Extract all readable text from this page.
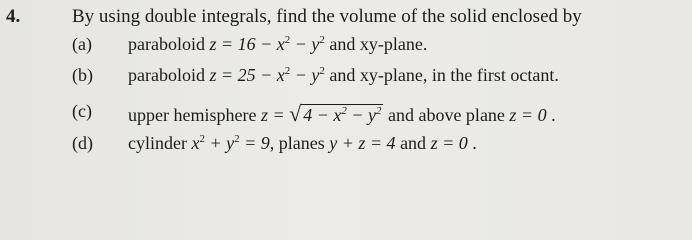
4.	By using double integrals, find the volume of the solid enclosed by
(a) paraboloid $z = 16 - x^2 - y^2$ and xy-plane.
(b) paraboloid $z = 25 - x^2 - y^2$ and xy-plane, in the first octant.
(c) upper hemisphere z = √ $4 - x^2 - y^2$ and above plane z = 0 .
(d) cylinder $x^2 + y^2 = 9$, planes y + z = 4 and z = 0 .
